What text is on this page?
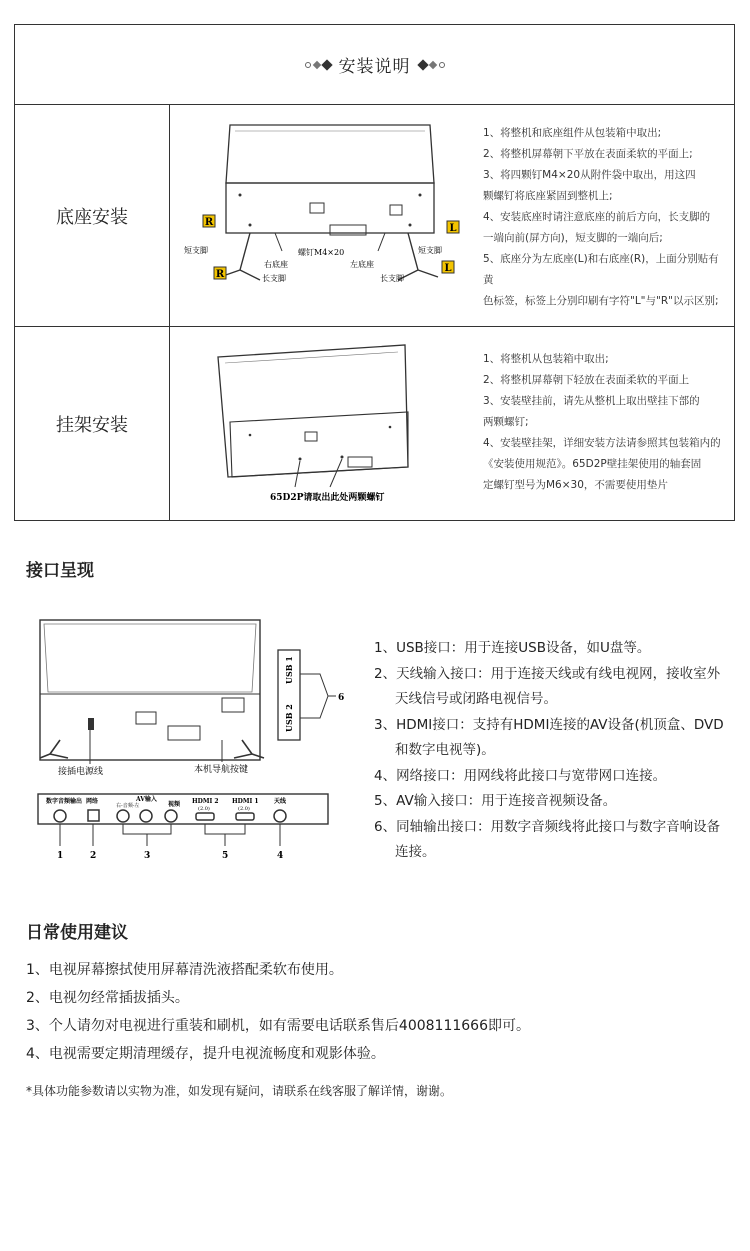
安装说明
底座安装	R
R
L
L
短支脚
右底座
螺钉M4×20
左底座
短支脚
长支脚	长支脚
1、将整机和底座组件从包装箱中取出;
2、将整机屏幕朝下平放在表面柔软的平面上;
3、将四颗钉M4×20从附件袋中取出，用这四
颗螺钉将底座紧固到整机上;
4、安装底座时请注意底座的前后方向，长支脚的
一端向前(屏方向)，短支脚的一端向后;
5、底座分为左底座(L)和右底座(R)，上面分别贴有黄
色标签，标签上分别印刷有字符"L"与"R"以示区别;
挂架安装
65D2P请取出此处两颗螺钉
1、将整机从包装箱中取出;
2、将整机屏幕朝下轻放在表面柔软的平面上
3、安装壁挂前，请先从整机上取出壁挂下部的
两颗螺钉;
4、安装壁挂架，详细安装方法请参照其包装箱内的
《安装使用规范》。65D2P壁挂架使用的轴套固
定螺钉型号为M6×30，不需要使用垫片
接口呈现
USB 1
USB 2
6
接插电源线	本机导航按键
数字音频输出 网络	AV输入
右-音频-左	视频 HDMI 2
(2.0)
HDMI 1
(2.0)
天线
1	2	3	5	4
1、USB接口：用于连接USB设备，如U盘等。
2、天线输入接口：用于连接天线或有线电视网，接收室外
天线信号或闭路电视信号。
3、HDMI接口：支持有HDMI连接的AV设备(机顶盒、DVD
和数字电视等)。
4、网络接口：用网线将此接口与宽带网口连接。
5、AV输入接口：用于连接音视频设备。
6、同轴输出接口：用数字音频线将此接口与数字音响设备
连接。
日常使用建议
1、电视屏幕擦拭使用屏幕清洗液搭配柔软布使用。
2、电视勿经常插拔插头。
3、个人请勿对电视进行重装和刷机，如有需要电话联系售后4008111666即可。
4、电视需要定期清理缓存，提升电视流畅度和观影体验。
*具体功能参数请以实物为准，如发现有疑问，请联系在线客服了解详情，谢谢。
